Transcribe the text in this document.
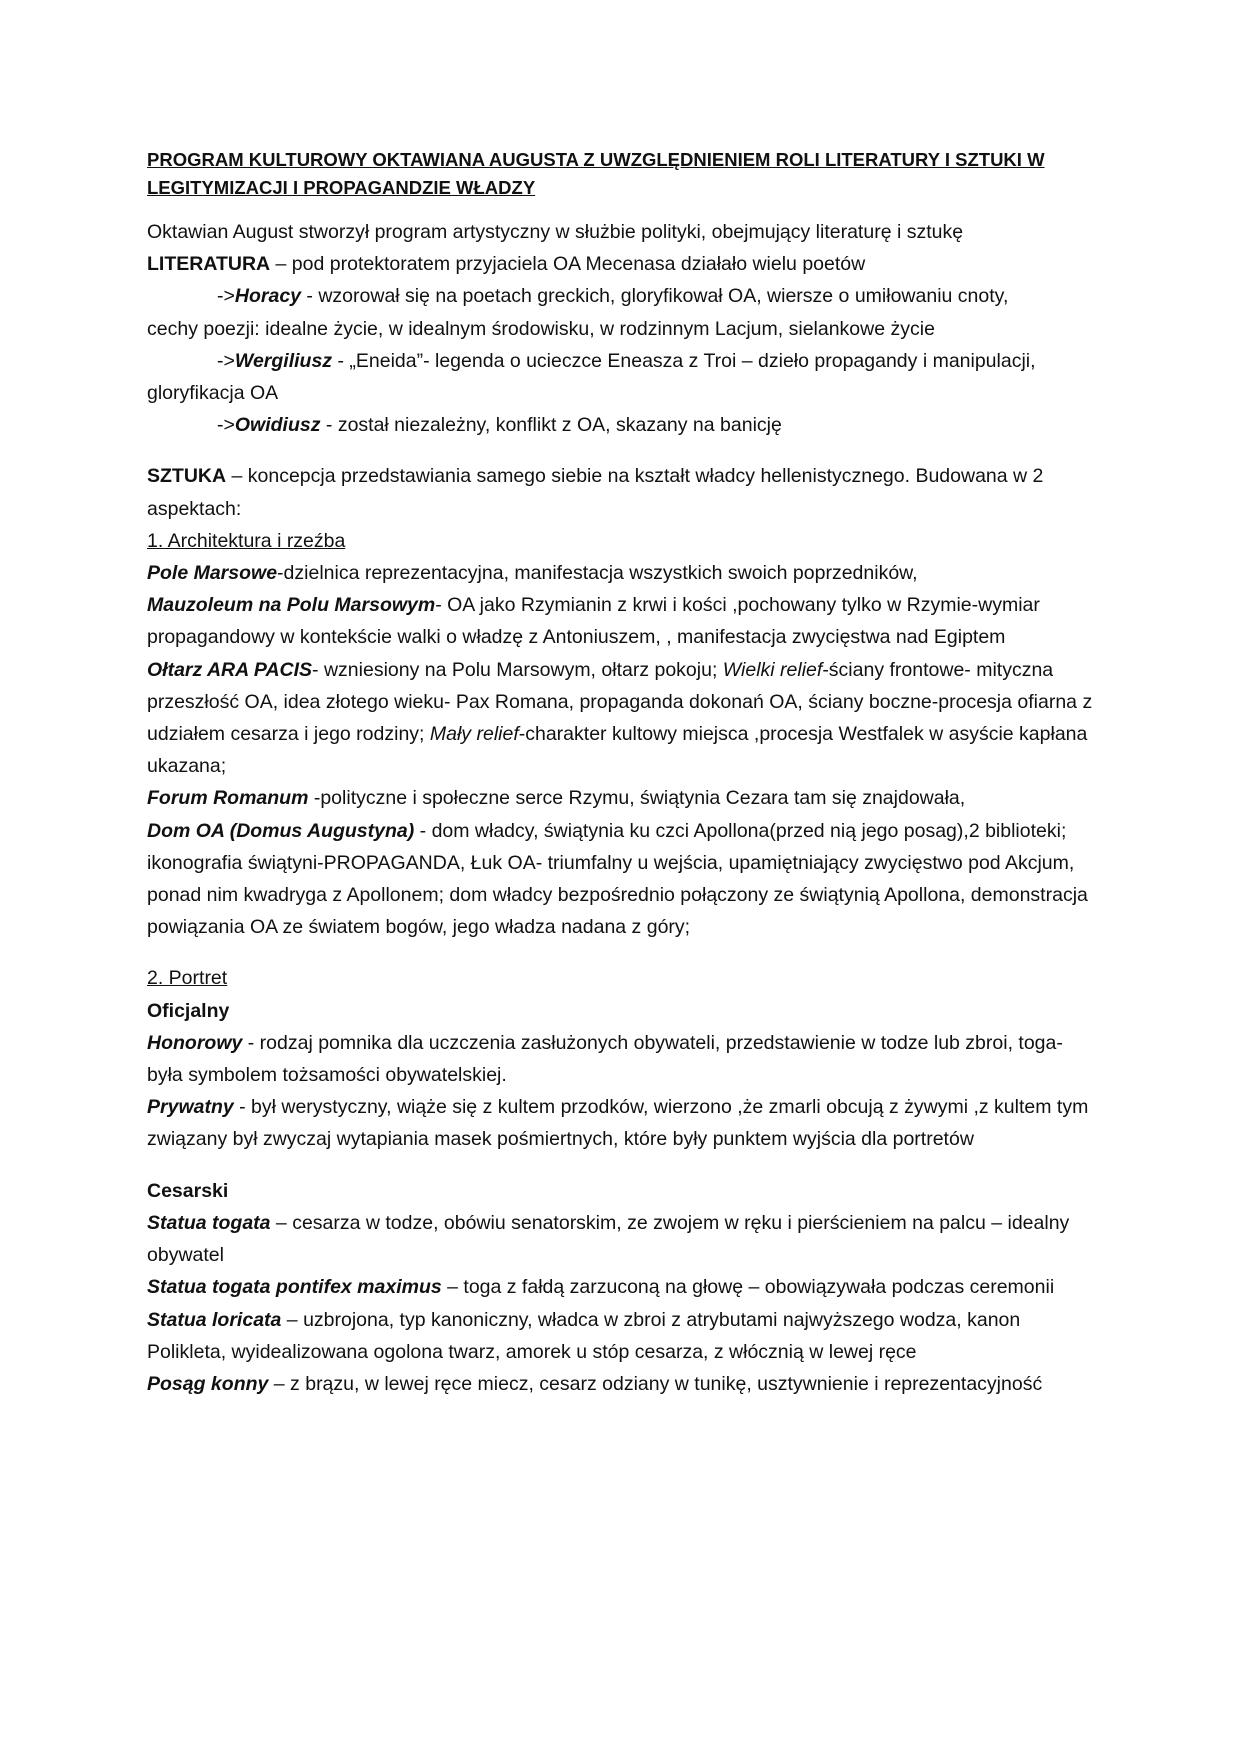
PROGRAM KULTUROWY OKTAWIANA AUGUSTA Z UWZGLĘDNIENIEM ROLI LITERATURY I SZTUKI W LEGITYMIZACJI I PROPAGANDZIE WŁADZY

Oktawian August stworzył program artystyczny w służbie polityki, obejmujący literaturę i sztukę

LITERATURA – pod protektoratem przyjaciela OA Mecenasa działało wielu poetów

->Horacy - wzorował się na poetach greckich, gloryfikował OA, wiersze o umiłowaniu cnoty,
cechy poezji: idealne życie, w idealnym środowisku, w rodzinnym Lacjum, sielankowe życie

->Wergiliusz - „Eneida”- legenda o ucieczce Eneasza z Troi – dzieło propagandy i manipulacji,
gloryfikacja OA

->Owidiusz - został niezależny, konflikt z OA, skazany na banicję

SZTUKA – koncepcja przedstawiania samego siebie na kształt władcy hellenistycznego. Budowana w 2 aspektach:

1. Architektura i rzeźba

Pole Marsowe-dzielnica reprezentacyjna, manifestacja wszystkich swoich poprzedników,

Mauzoleum na Polu Marsowym- OA jako Rzymianin z krwi i kości ,pochowany tylko w Rzymie-wymiar propagandowy w kontekście walki o władzę z Antoniuszem, , manifestacja zwycięstwa nad Egiptem

Ołtarz ARA PACIS- wzniesiony na Polu Marsowym, ołtarz pokoju; Wielki relief-ściany frontowe- mityczna przeszłość OA, idea złotego wieku- Pax Romana, propaganda dokonań OA, ściany boczne-procesja ofiarna z udziałem cesarza i jego rodziny; Mały relief-charakter kultowy miejsca ,procesja Westfalek w asyście kapłana ukazana;

Forum Romanum -polityczne i społeczne serce Rzymu, świątynia Cezara tam się znajdowała,

Dom OA (Domus Augustyna) - dom władcy, świątynia ku czci Apollona(przed nią jego posag),2 biblioteki; ikonografia świątyni-PROPAGANDA, Łuk OA- triumfalny u wejścia, upamiętniający zwycięstwo pod Akcjum, ponad nim kwadryga z Apollonem; dom władcy bezpośrednio połączony ze świątynią Apollona, demonstracja powiązania OA ze światem bogów, jego władza nadana z góry;

2. Portret

Oficjalny

Honorowy - rodzaj pomnika dla uczczenia zasłużonych obywateli, przedstawienie w todze lub zbroi, toga- była symbolem tożsamości obywatelskiej.

Prywatny - był werystyczny, wiąże się z kultem przodków, wierzono ,że zmarli obcują z żywymi ,z kultem tym związany był zwyczaj wytapiania masek pośmiertnych, które były punktem wyjścia dla portretów

Cesarski

Statua togata – cesarza w todze, obówiu senatorskim, ze zwojem w ręku i pierścieniem na palcu – idealny obywatel

Statua togata pontifex maximus – toga z fałdą zarzuconą na głowę – obowiązywała podczas ceremonii

Statua loricata – uzbrojona, typ kanoniczny, władca w zbroi z atrybutami najwyższego wodza, kanon Polikleta, wyidealizowana ogolona twarz, amorek u stóp cesarza, z włócznią w lewej ręce

Posąg konny – z brązu, w lewej ręce miecz, cesarz odziany w tunikę, usztywnienie i reprezentacyjność
